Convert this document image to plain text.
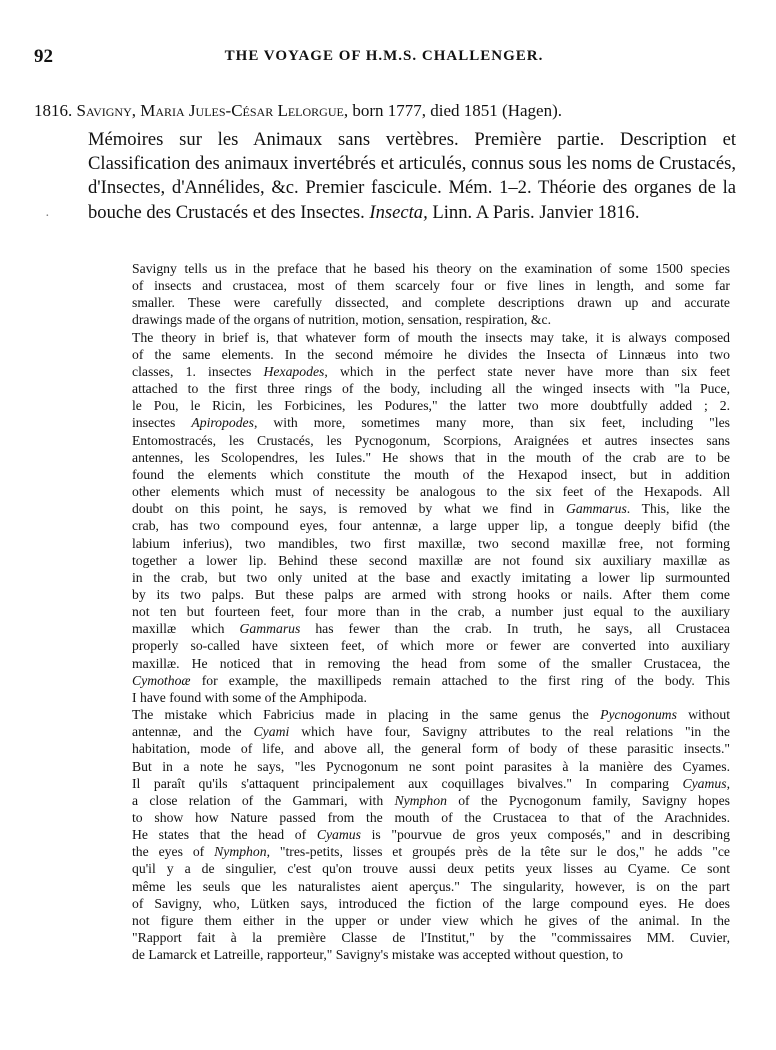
92	THE VOYAGE OF H.M.S. CHALLENGER.
1816. Savigny, Maria Jules-César Lelorgue, born 1777, died 1851 (Hagen).
·
Mémoires sur les Animaux sans vertèbres. Première partie. Description et Classification des animaux invertébrés et articulés, connus sous les noms de Crustacés, d'Insectes, d'Annélides, &c. Premier fascicule. Mém. 1–2. Théorie des organes de la bouche des Crustacés et des Insectes. Insecta, Linn. A Paris. Janvier 1816.

Savigny tells us in the preface that he based his theory on the examination of some 1500 species
of insects and crustacea, most of them scarcely four or five lines in length, and some far
smaller. These were carefully dissected, and complete descriptions drawn up and accurate
drawings made of the organs of nutrition, motion, sensation, respiration, &c.

The theory in brief is, that whatever form of mouth the insects may take, it is always composed
of the same elements. In the second mémoire he divides the Insecta of Linnæus into two
classes, 1. insectes Hexapodes, which in the perfect state never have more than six feet
attached to the first three rings of the body, including all the winged insects with "la Puce,
le Pou, le Ricin, les Forbicines, les Podures," the latter two more doubtfully added ; 2.
insectes Apiropodes, with more, sometimes many more, than six feet, including "les
Entomostracés, les Crustacés, les Pycnogonum, Scorpions, Araignées et autres insectes sans
antennes, les Scolopendres, les Iules." He shows that in the mouth of the crab are to be
found the elements which constitute the mouth of the Hexapod insect, but in addition
other elements which must of necessity be analogous to the six feet of the Hexapods. All
doubt on this point, he says, is removed by what we find in Gammarus. This, like the
crab, has two compound eyes, four antennæ, a large upper lip, a tongue deeply bifid (the
labium inferius), two mandibles, two first maxillæ, two second maxillæ free, not forming
together a lower lip. Behind these second maxillæ are not found six auxiliary maxillæ as
in the crab, but two only united at the base and exactly imitating a lower lip surmounted
by its two palps. But these palps are armed with strong hooks or nails. After them come
not ten but fourteen feet, four more than in the crab, a number just equal to the auxiliary
maxillæ which Gammarus has fewer than the crab. In truth, he says, all Crustacea
properly so-called have sixteen feet, of which more or fewer are converted into auxiliary
maxillæ. He noticed that in removing the head from some of the smaller Crustacea, the
Cymothoæ for example, the maxillipeds remain attached to the first ring of the body. This
I have found with some of the Amphipoda.

The mistake which Fabricius made in placing in the same genus the Pycnogonums without
antennæ, and the Cyami which have four, Savigny attributes to the real relations "in the
habitation, mode of life, and above all, the general form of body of these parasitic insects."
But in a note he says, "les Pycnogonum ne sont point parasites à la manière des Cyames.
Il paraît qu'ils s'attaquent principalement aux coquillages bivalves." In comparing Cyamus,
a close relation of the Gammari, with Nymphon of the Pycnogonum family, Savigny hopes
to show how Nature passed from the mouth of the Crustacea to that of the Arachnides.
He states that the head of Cyamus is "pourvue de gros yeux composés," and in describing
the eyes of Nymphon, "tres-petits, lisses et groupés près de la tête sur le dos," he adds "ce
qu'il y a de singulier, c'est qu'on trouve aussi deux petits yeux lisses au Cyame. Ce sont
même les seuls que les naturalistes aient aperçus." The singularity, however, is on the part
of Savigny, who, Lütken says, introduced the fiction of the large compound eyes. He does
not figure them either in the upper or under view which he gives of the animal. In the
"Rapport fait à la première Classe de l'Institut," by the "commissaires MM. Cuvier,
de Lamarck et Latreille, rapporteur," Savigny's mistake was accepted without question, to
